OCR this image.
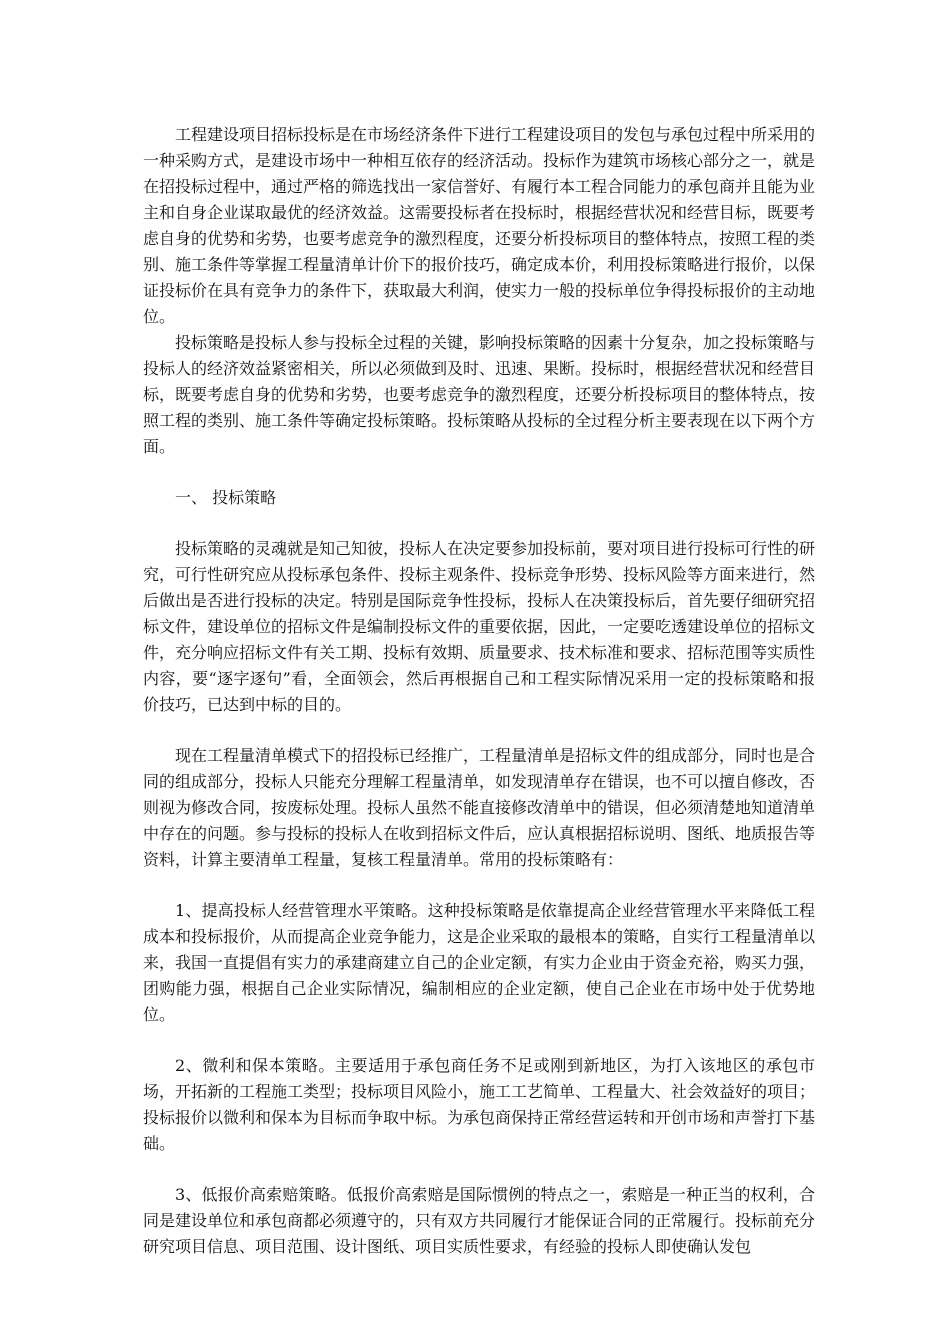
工程建设项目招标投标是在市场经济条件下进行工程建设项目的发包与承包过程中所采用的一种采购方式，是建设市场中一种相互依存的经济活动。投标作为建筑市场核心部分之一，就是在招投标过程中，通过严格的筛选找出一家信誉好、有履行本工程合同能力的承包商并且能为业主和自身企业谋取最优的经济效益。这需要投标者在投标时，根据经营状况和经营目标，既要考虑自身的优势和劣势，也要考虑竞争的激烈程度，还要分析投标项目的整体特点，按照工程的类别、施工条件等掌握工程量清单计价下的报价技巧，确定成本价，利用投标策略进行报价，以保证投标价在具有竞争力的条件下，获取最大利润，使实力一般的投标单位争得投标报价的主动地位。

投标策略是投标人参与投标全过程的关键，影响投标策略的因素十分复杂，加之投标策略与投标人的经济效益紧密相关，所以必须做到及时、迅速、果断。投标时，根据经营状况和经营目标，既要考虑自身的优势和劣势，也要考虑竞争的激烈程度，还要分析投标项目的整体特点，按照工程的类别、施工条件等确定投标策略。投标策略从投标的全过程分析主要表现在以下两个方面。

一、 投标策略

投标策略的灵魂就是知己知彼，投标人在决定要参加投标前，要对项目进行投标可行性的研究，可行性研究应从投标承包条件、投标主观条件、投标竞争形势、投标风险等方面来进行，然后做出是否进行投标的决定。特别是国际竞争性投标，投标人在决策投标后，首先要仔细研究招标文件，建设单位的招标文件是编制投标文件的重要依据，因此，一定要吃透建设单位的招标文件，充分响应招标文件有关工期、投标有效期、质量要求、技术标准和要求、招标范围等实质性内容，要“逐字逐句”看，全面领会，然后再根据自己和工程实际情况采用一定的投标策略和报价技巧，已达到中标的目的。

现在工程量清单模式下的招投标已经推广，工程量清单是招标文件的组成部分，同时也是合同的组成部分，投标人只能充分理解工程量清单，如发现清单存在错误，也不可以擅自修改，否则视为修改合同，按废标处理。投标人虽然不能直接修改清单中的错误，但必须清楚地知道清单中存在的问题。参与投标的投标人在收到招标文件后，应认真根据招标说明、图纸、地质报告等资料，计算主要清单工程量，复核工程量清单。常用的投标策略有：

1、提高投标人经营管理水平策略。这种投标策略是依靠提高企业经营管理水平来降低工程成本和投标报价，从而提高企业竞争能力，这是企业采取的最根本的策略，自实行工程量清单以来，我国一直提倡有实力的承建商建立自己的企业定额，有实力企业由于资金充裕，购买力强，团购能力强，根据自己企业实际情况，编制相应的企业定额，使自己企业在市场中处于优势地位。

2、微利和保本策略。主要适用于承包商任务不足或刚到新地区，为打入该地区的承包市场，开拓新的工程施工类型；投标项目风险小，施工工艺简单、工程量大、社会效益好的项目；投标报价以微利和保本为目标而争取中标。为承包商保持正常经营运转和开创市场和声誉打下基础。

3、低报价高索赔策略。低报价高索赔是国际惯例的特点之一，索赔是一种正当的权利，合同是建设单位和承包商都必须遵守的，只有双方共同履行才能保证合同的正常履行。投标前充分研究项目信息、项目范围、设计图纸、项目实质性要求，有经验的投标人即使确认发包
